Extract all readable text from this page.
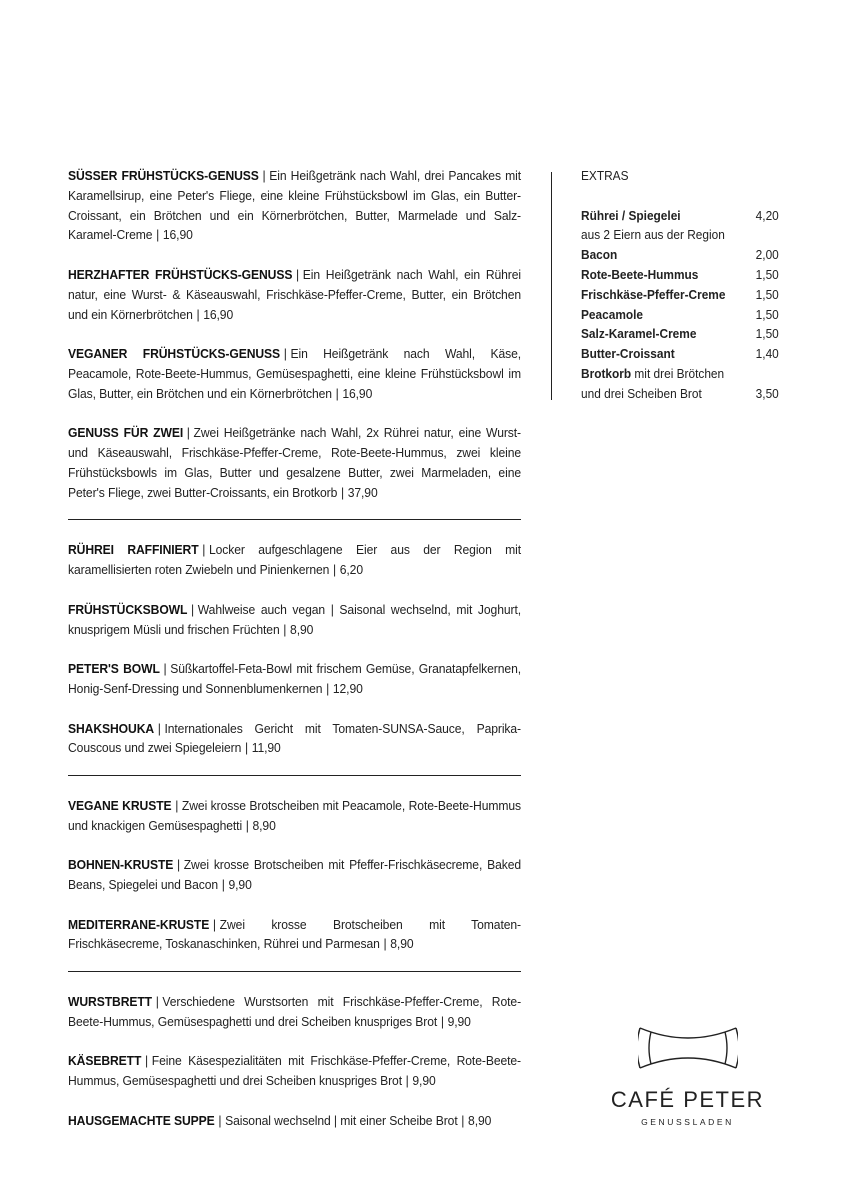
SÜSSER FRÜHSTÜCKS-GENUSS | Ein Heißgetränk nach Wahl, drei Pancakes mit Karamellsirup, eine Peter's Fliege, eine kleine Frühstücksbowl im Glas, ein Butter-Croissant, ein Brötchen und ein Körnerbrötchen, Butter, Marmelade und Salz-Karamel-Creme | 16,90

HERZHAFTER FRÜHSTÜCKS-GENUSS | Ein Heißgetränk nach Wahl, ein Rührei natur, eine Wurst- & Käseauswahl, Frischkäse-Pfeffer-Creme, Butter, ein Brötchen und ein Körnerbrötchen | 16,90

VEGANER FRÜHSTÜCKS-GENUSS | Ein Heißgetränk nach Wahl, Käse, Peacamole, Rote-Beete-Hummus, Gemüsespaghetti, eine kleine Frühstücksbowl im Glas, Butter, ein Brötchen und ein Körnerbrötchen | 16,90

GENUSS FÜR ZWEI | Zwei Heißgetränke nach Wahl, 2x Rührei natur, eine Wurst- und Käseauswahl, Frischkäse-Pfeffer-Creme, Rote-Beete-Hummus, zwei kleine Frühstücksbowls im Glas, Butter und gesalzene Butter, zwei Marmeladen, eine Peter's Fliege, zwei Butter-Croissants, ein Brotkorb | 37,90

RÜHREI RAFFINIERT | Locker aufgeschlagene Eier aus der Region mit karamellisierten roten Zwiebeln und Pinienkernen | 6,20

FRÜHSTÜCKSBOWL | Wahlweise auch vegan | Saisonal wechselnd, mit Joghurt, knusprigem Müsli und frischen Früchten | 8,90

PETER'S BOWL | Süßkartoffel-Feta-Bowl mit frischem Gemüse, Granatapfelkernen, Honig-Senf-Dressing und Sonnenblumenkernen | 12,90

SHAKSHOUKA | Internationales Gericht mit Tomaten-SUNSA-Sauce, Paprika-Couscous und zwei Spiegeleiern | 11,90

VEGANE KRUSTE | Zwei krosse Brotscheiben mit Peacamole, Rote-Beete-Hummus und knackigen Gemüsespaghetti | 8,90

BOHNEN-KRUSTE | Zwei krosse Brotscheiben mit Pfeffer-Frischkäsecreme, Baked Beans, Spiegelei und Bacon | 9,90

MEDITERRANE-KRUSTE | Zwei krosse Brotscheiben mit Tomaten-Frischkäsecreme, Toskanaschinken, Rührei und Parmesan | 8,90

WURSTBRETT | Verschiedene Wurstsorten mit Frischkäse-Pfeffer-Creme, Rote-Beete-Hummus, Gemüsespaghetti und drei Scheiben knuspriges Brot | 9,90

KÄSEBRETT | Feine Käsespezialitäten mit Frischkäse-Pfeffer-Creme, Rote-Beete-Hummus, Gemüsespaghetti und drei Scheiben knuspriges Brot | 9,90

HAUSGEMACHTE SUPPE | Saisonal wechselnd | mit einer Scheibe Brot | 8,90

EXTRAS
Rührei / Spiegelei	4,20
aus 2 Eiern aus der Region
Bacon	2,00
Rote-Beete-Hummus	1,50
Frischkäse-Pfeffer-Creme 1,50
Peacamole	1,50
Salz-Karamel-Creme	1,50
Butter-Croissant	1,40
Brotkorb mit drei Brötchen
und drei Scheiben Brot	3,50
CAFÉ PETER
GENUSSLADEN
